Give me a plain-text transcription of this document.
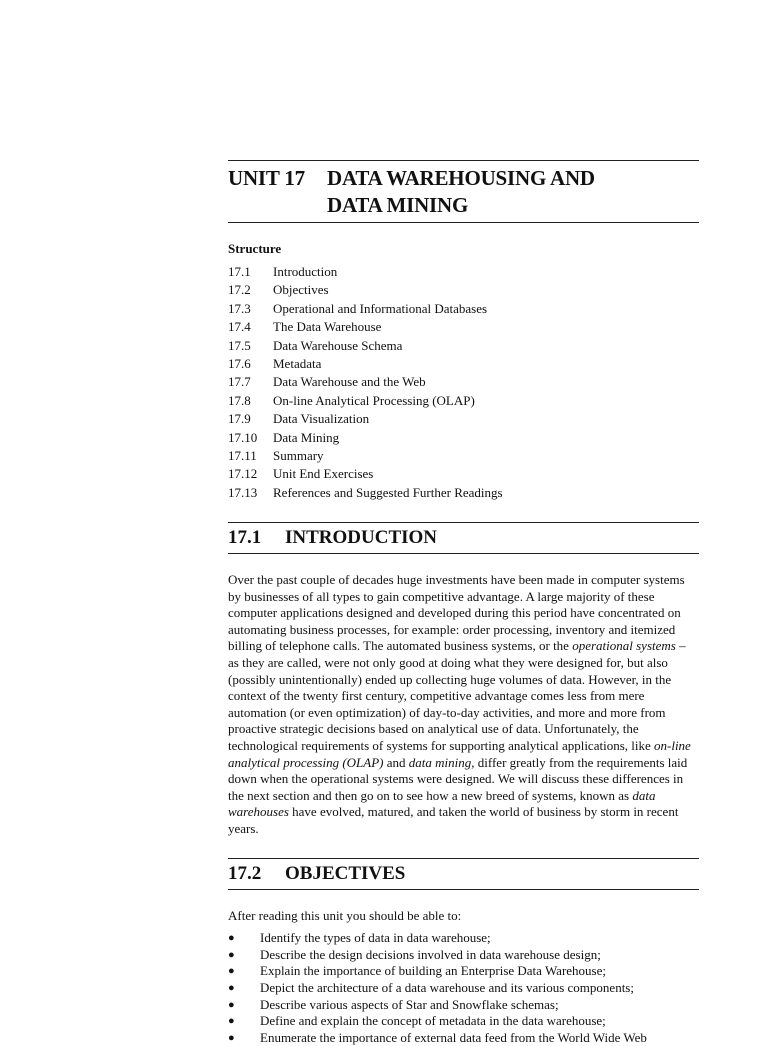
UNIT 17	DATA WAREHOUSING AND
DATA MINING
Structure
17.1	Introduction
17.2	Objectives
17.3	Operational and Informational Databases
17.4	The Data Warehouse
17.5	Data Warehouse Schema
17.6	Metadata
17.7	Data Warehouse and the Web
17.8	On-line Analytical Processing (OLAP)
17.9	Data Visualization
17.10	Data Mining
17.11	Summary
17.12	Unit End Exercises
17.13	References and Suggested Further Readings
17.1	INTRODUCTION

Over the past couple of decades huge investments have been made in computer systems by businesses of all types to gain competitive advantage. A large majority of these computer applications designed and developed during this period have concentrated on automating business processes, for example: order processing, inventory and itemized billing of telephone calls. The automated business systems, or the operational systems – as they are called, were not only good at doing what they were designed for, but also (possibly unintentionally) ended up collecting huge volumes of data. However, in the context of the twenty first century, competitive advantage comes less from mere automation (or even optimization) of day-to-day activities, and more and more from proactive strategic decisions based on analytical use of data. Unfortunately, the technological requirements of systems for supporting analytical applications, like on-line analytical processing (OLAP) and data mining, differ greatly from the requirements laid down when the operational systems were designed. We will discuss these differences in the next section and then go on to see how a new breed of systems, known as data warehouses have evolved, matured, and taken the world of business by storm in recent years.

17.2	OBJECTIVES
After reading this unit you should be able to:
●	Identify the types of data in data warehouse;
●	Describe the design decisions involved in data warehouse design;
●	Explain the importance of building an Enterprise Data Warehouse;
●	Depict the architecture of a data warehouse and its various components;
●	Describe various aspects of Star and Snowflake schemas;
●	Define and explain the concept of metadata in the data warehouse;
●	Enumerate the importance of external data feed from the World Wide Web
